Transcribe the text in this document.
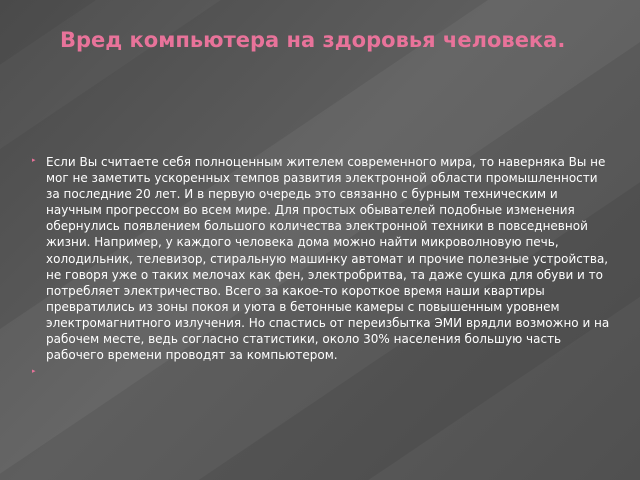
Вред компьютера на здоровья человека.
▸ Если Вы считаете себя полноценным жителем современного мира, то наверняка Вы не мог не заметить ускоренных темпов развития электронной области промышленности за последние 20 лет. И в первую очередь это связанно с бурным техническим и научным прогрессом во всем мире. Для простых обывателей подобные изменения обернулись появлением большого количества электронной техники в повседневной жизни. Например, у каждого человека дома можно найти микроволновую печь, холодильник, телевизор, стиральную машинку автомат и прочие полезные устройства, не говоря уже о таких мелочах как фен, электробритва, та даже сушка для обуви и то потребляет электричество. Всего за какое-то короткое время наши квартиры превратились из зоны покоя и уюта в бетонные камеры с повышенным уровнем электромагнитного излучения. Но спастись от переизбытка ЭМИ врядли возможно и на рабочем месте, ведь согласно статистики, около 30% населения большую часть рабочего времени проводят за компьютером.
▸
